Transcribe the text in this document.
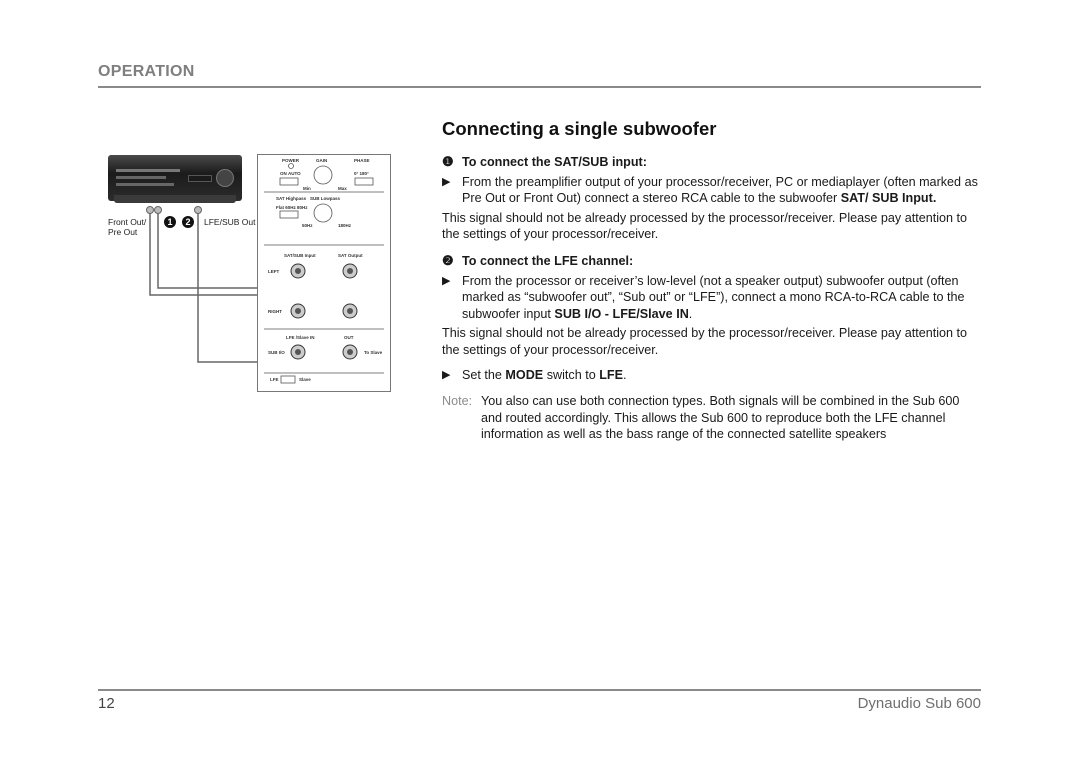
OPERATION
Front Out/
Pre Out
LFE/SUB Out
1	2
POWER	GAIN	PHASE
ON AUTO	0° 180°
Min	Max
SAT Highpass SUB Lowpass
Flat 60Hz 80Hz
50Hz	180Hz
SAT/SUB Input	SAT Output
LEFT
RIGHT
LFE /Slave IN	OUT
SUB I/O	To Slave
LFE	Slave
Connecting a single subwoofer

❶ To connect the SAT/SUB input:

▶ From the preamplifier output of your processor/receiver, PC or mediaplayer (often marked as Pre Out or Front Out) connect a stereo RCA cable to the subwoofer SAT/ SUB Input.

This signal should not be already processed by the processor/receiver. Please pay attention to the settings of your processor/receiver.

❷ To connect the LFE channel:

▶ From the processor or receiver’s low-level (not a speaker output) subwoofer output (often marked as “subwoofer out”, “Sub out” or “LFE”), connect a mono RCA-to-RCA cable to the subwoofer input SUB I/O - LFE/Slave IN.

This signal should not be already processed by the processor/receiver. Please pay attention to the settings of your processor/receiver.

▶ Set the MODE switch to LFE.

Note: You also can use both connection types. Both signals will be combined in the Sub 600 and routed accordingly. This allows the Sub 600 to reproduce both the LFE channel information as well as the bass range of the connected satellite speakers

12	Dynaudio Sub 600
